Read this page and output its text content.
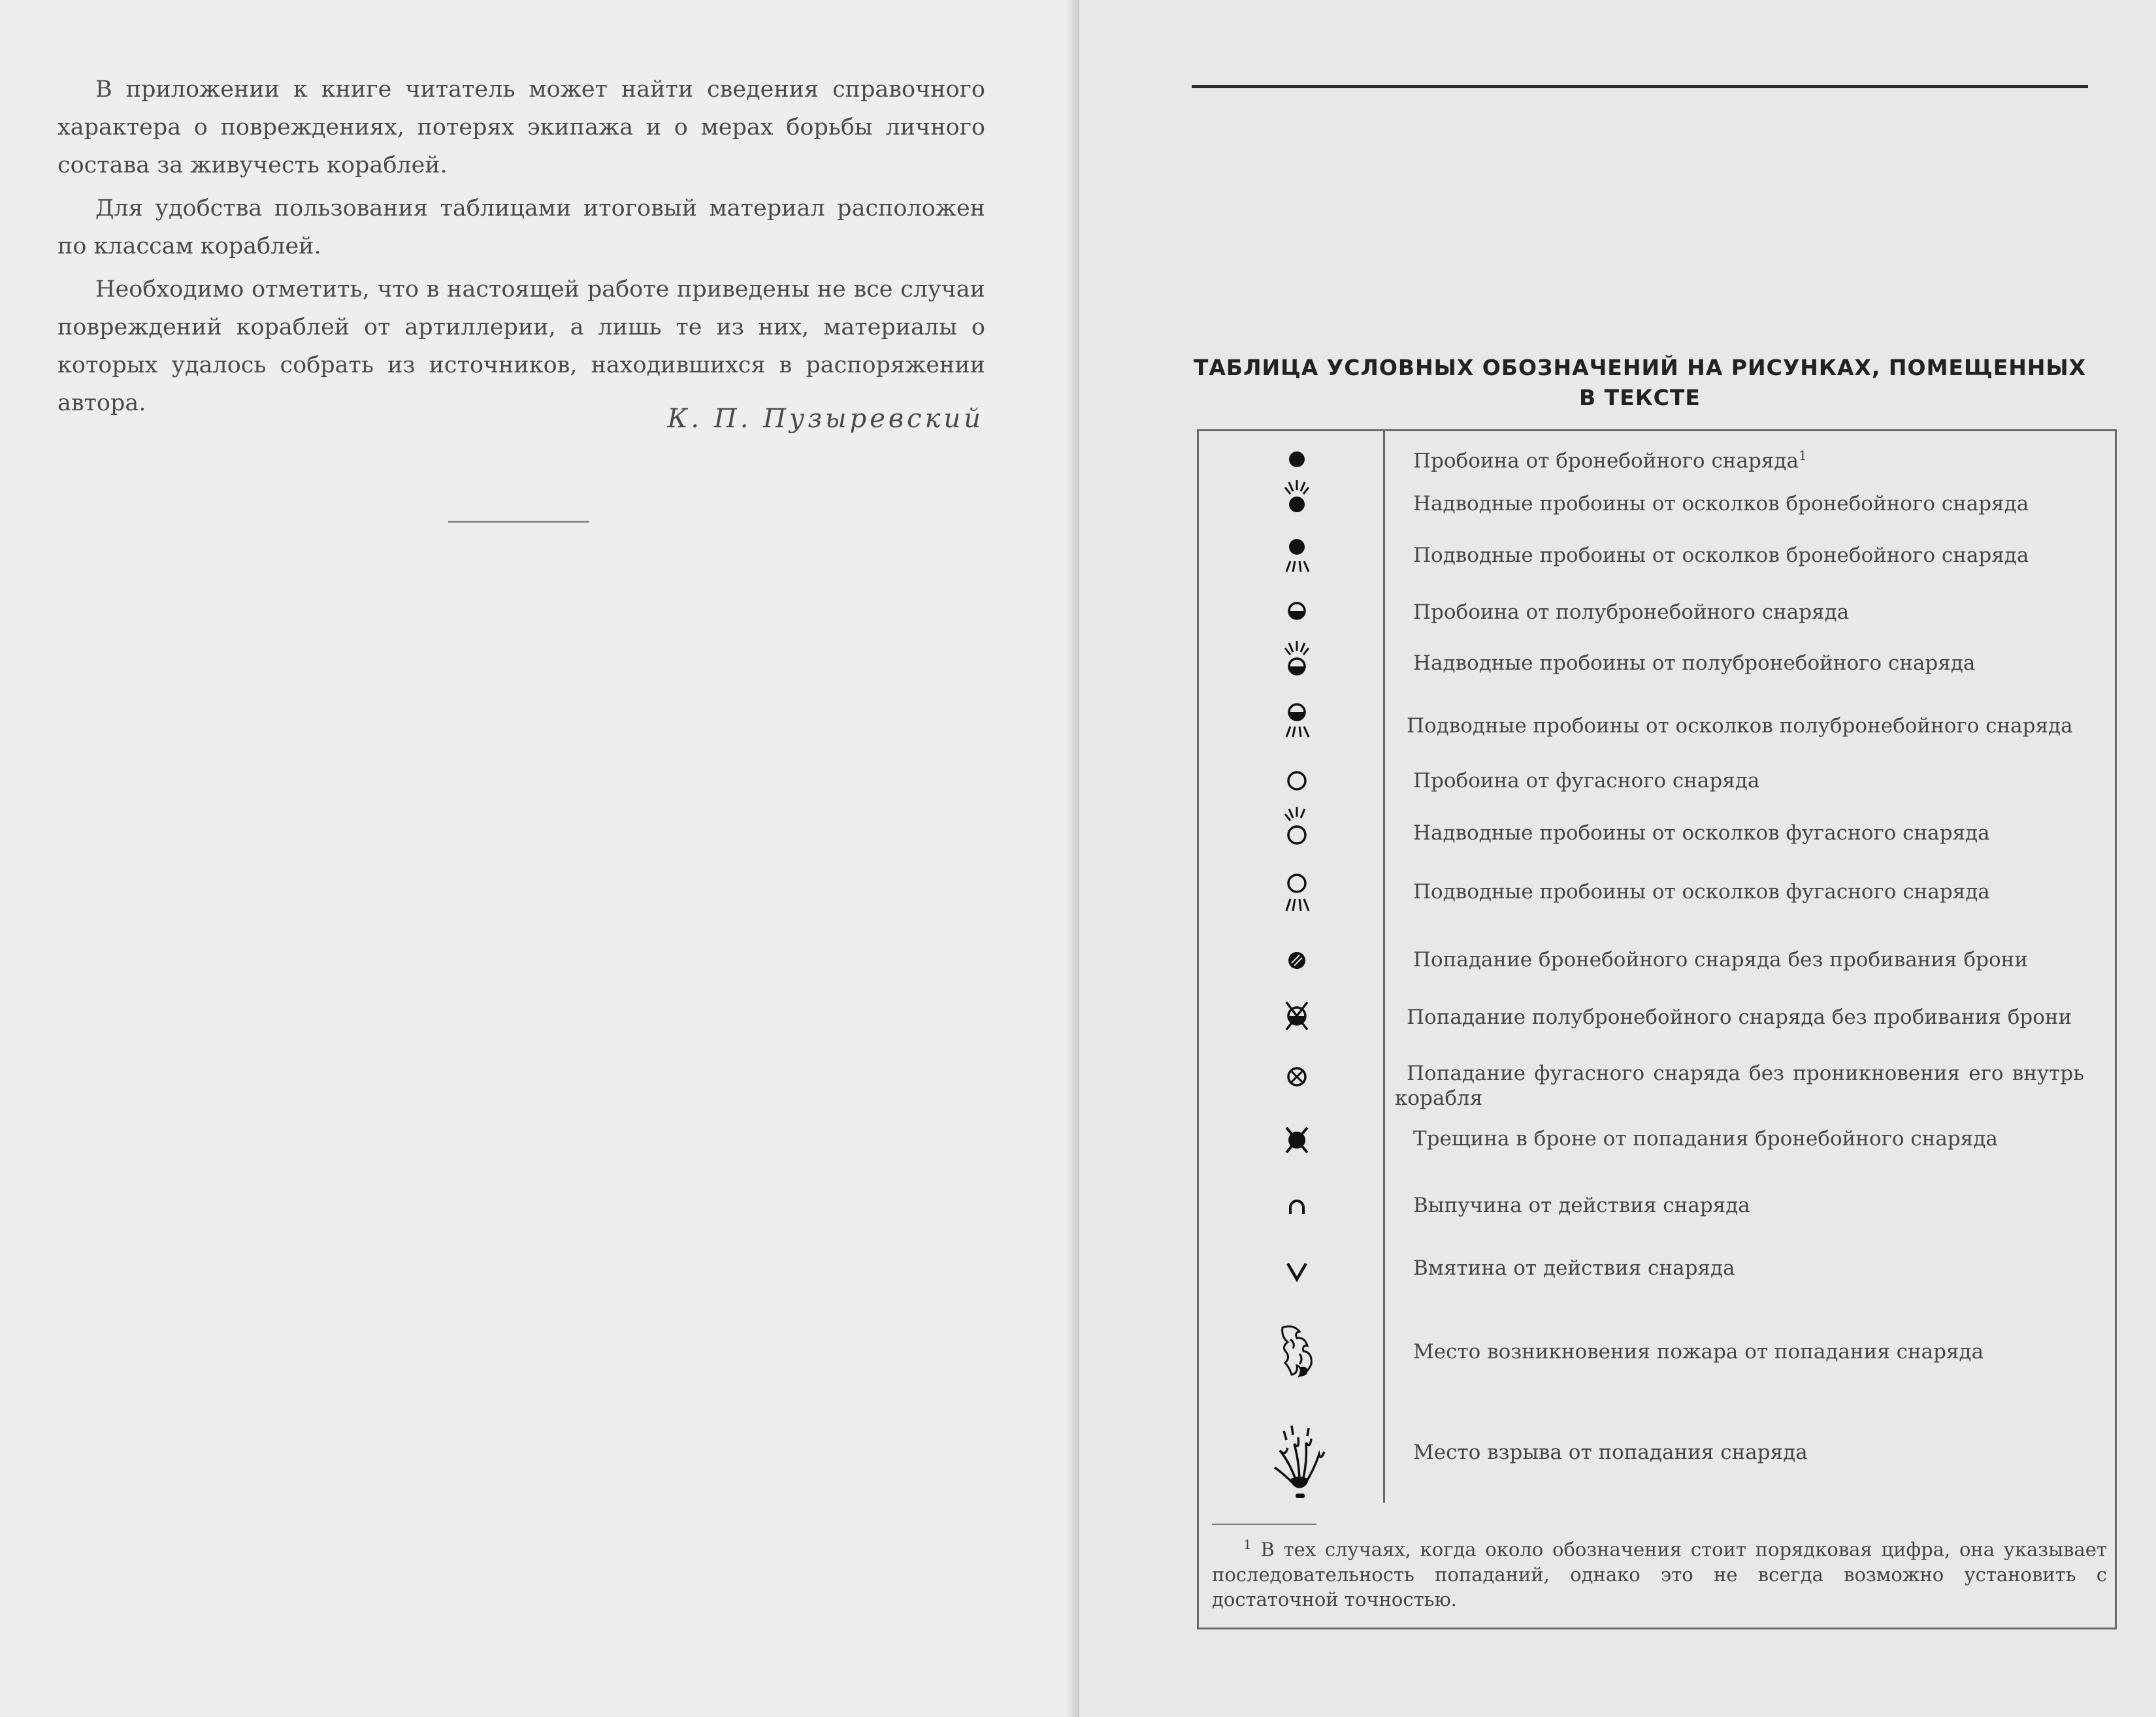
В приложении к книге читатель может найти сведения справочного характера о повреждениях, потерях экипажа и о мерах борьбы личного состава за живучесть кораблей.

Для удобства пользования таблицами итоговый материал расположен по классам кораблей.

Необходимо отметить, что в настоящей работе приведены не все случаи повреждений кораблей от артиллерии, а лишь те из них, материалы о которых удалось собрать из источников, находившихся в распоряжении автора.

К. П. Пузыревский
ТАБЛИЦА УСЛОВНЫХ ОБОЗНАЧЕНИЙ НА РИСУНКАХ, ПОМЕЩЕННЫХ В ТЕКСТЕ
Пробоина от бронебойного снаряда$^1$
Надводные пробоины от осколков бронебойного снаряда
Подводные пробоины от осколков бронебойного снаряда
Пробоина от полубронебойного снаряда
Надводные пробоины от полубронебойного снаряда
Подводные пробоины от осколков полубронебойного снаряда
Пробоина от фугасного снаряда
Надводные пробоины от осколков фугасного снаряда
Подводные пробоины от осколков фугасного снаряда
Попадание бронебойного снаряда без пробивания брони
Попадание полубронебойного снаряда без пробивания брони
Попадание фугасного снаряда без проникновения его внутрь корабля
Трещина в броне от попадания бронебойного снаряда
Выпучина от действия снаряда
Вмятина от действия снаряда
Место возникновения пожара от попадания снаряда
Место взрыва от попадания снаряда
$^1$ В тех случаях, когда около обозначения стоит порядковая цифра, она указывает последовательность попаданий, однако это не всегда возможно установить с достаточной точностью.
